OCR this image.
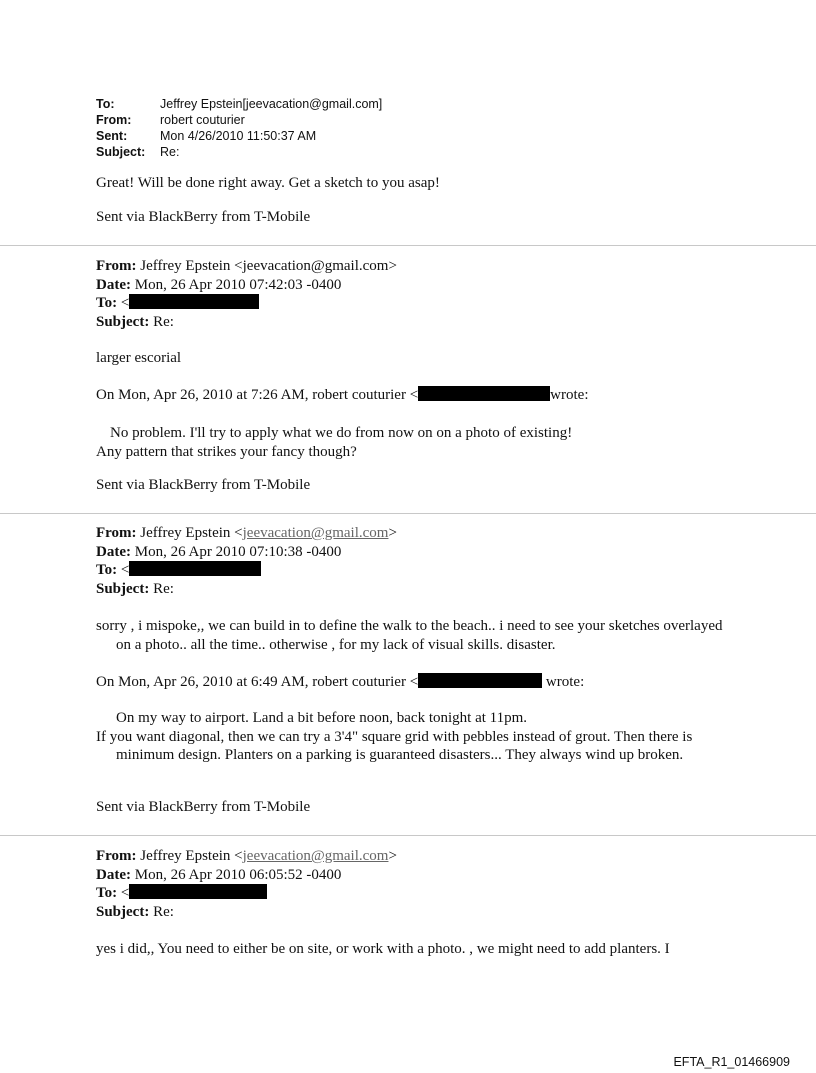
To:	Jeffrey Epstein[jeevacation@gmail.com]
From:	robert couturier
Sent:	Mon 4/26/2010 11:50:37 AM
Subject:	Re:
Great! Will be done right away. Get a sketch to you asap!
Sent via BlackBerry from T-Mobile
From: Jeffrey Epstein <jeevacation@gmail.com>
Date: Mon, 26 Apr 2010 07:42:03 -0400
To: <
Subject: Re:
larger escorial
On Mon, Apr 26, 2010 at 7:26 AM, robert couturier <	wrote:
No problem. I'll try to apply what we do from now on on a photo of existing!
Any pattern that strikes your fancy though?
Sent via BlackBerry from T-Mobile
From: Jeffrey Epstein <jeevacation@gmail.com>
Date: Mon, 26 Apr 2010 07:10:38 -0400
To: <
Subject: Re:
sorry , i mispoke,, we can build in to define the walk to the beach.. i need to see your sketches overlayed on a photo.. all the time.. otherwise , for my lack of visual skills. disaster.
On Mon, Apr 26, 2010 at 6:49 AM, robert couturier <	wrote:
On my way to airport. Land a bit before noon, back tonight at 11pm.
If you want diagonal, then we can try a 3'4" square grid with pebbles instead of grout. Then there is minimum design. Planters on a parking is guaranteed disasters... They always wind up broken.
Sent via BlackBerry from T-Mobile
From: Jeffrey Epstein <jeevacation@gmail.com>
Date: Mon, 26 Apr 2010 06:05:52 -0400
To: <
Subject: Re:
yes i did,, You need to either be on site, or work with a photo. , we might need to add planters. I
EFTA_R1_01466909
